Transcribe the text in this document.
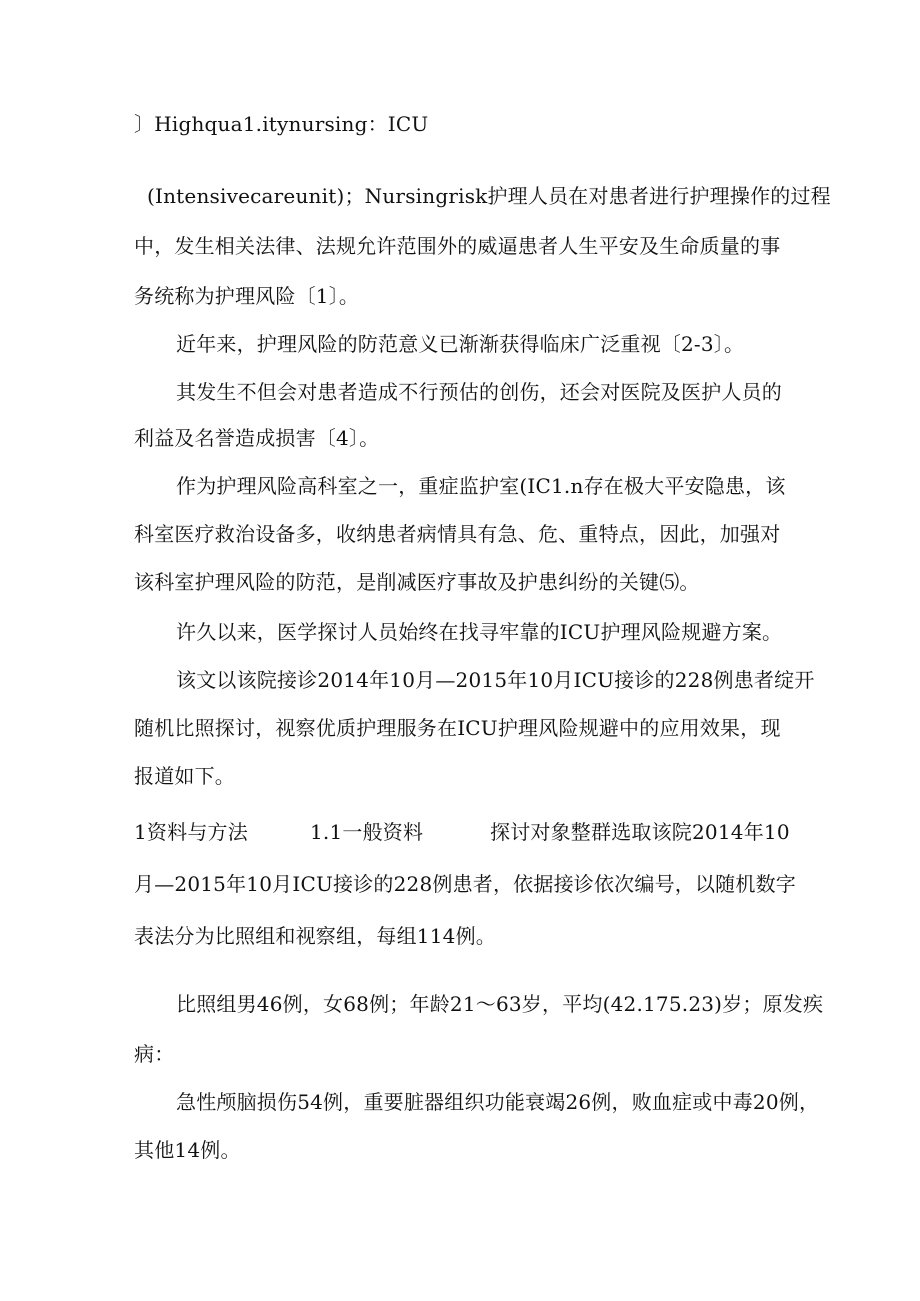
〕Highqua1.itynursing：ICU
(Intensivecareunit)；Nursingrisk护理人员在对患者进行护理操作的过程
中，发生相关法律、法规允许范围外的威逼患者人生平安及生命质量的事
务统称为护理风险〔1〕。
近年来，护理风险的防范意义已渐渐获得临床广泛重视〔2-3〕。
其发生不但会对患者造成不行预估的创伤，还会对医院及医护人员的
利益及名誉造成损害〔4〕。
作为护理风险高科室之一，重症监护室(IC1.n存在极大平安隐患，该
科室医疗救治设备多，收纳患者病情具有急、危、重特点，因此，加强对
该科室护理风险的防范，是削减医疗事故及护患纠纷的关键⑸。
许久以来，医学探讨人员始终在找寻牢靠的ICU护理风险规避方案。
该文以该院接诊2014年10月—2015年10月ICU接诊的228例患者绽开
随机比照探讨，视察优质护理服务在ICU护理风险规避中的应用效果，现
报道如下。
1资料与方法	1.1一般资料	探讨对象整群选取该院2014年10
月—2015年10月ICU接诊的228例患者，依据接诊依次编号，以随机数字
表法分为比照组和视察组，每组114例。
比照组男46例，女68例；年龄21～63岁，平均(42.175.23)岁；原发疾
病：
急性颅脑损伤54例，重要脏器组织功能衰竭26例，败血症或中毒20例，
其他14例。
